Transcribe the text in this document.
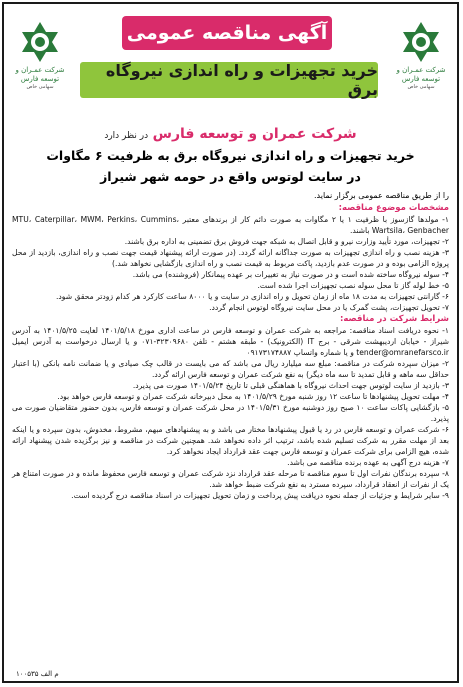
شرکت عمـران و توسعه فارس
سهامی خاص
آگهی مناقصه عمومی
خرید تجهیزات و راه اندازی نیروگاه برق
شرکت عمـران و توسعه فارس
سهامی خاص
شرکت عمران و توسعه فارس در نظر دارد
خرید تجهیزات و راه اندازی نیروگاه برق به ظرفیت ۶ مگاوات
در سایت لوتوس واقع در حومه شهر شیراز
را از طریق مناقصه عمومی برگزار نماید.
مشخصات موضوع مناقصه:
۱- مولدها گازسوز با ظرفیت ۱ یا ۲ مگاوات به صورت دائم کار از برندهای معتبر MTU، Caterpillar، MWM، Perkins، Cummins، Wartsila، Genbacher باشند.
۲- تجهیزات، مورد تأیید وزارت نیرو و قابل اتصال به شبکه جهت فروش برق تضمینی به اداره برق باشند.
۳- هزینه نصب و راه اندازی تجهیزات به صورت جداگانه ارائه گردد. (در صورت ارائه پیشنهاد قیمت جهت نصب و راه اندازی، بازدید از محل پروژه الزامی بوده و در صورت عدم بازدید، پاکت مربوط به قیمت نصب و راه اندازی بازگشایی نخواهد شد.)
۴- سوله نیروگاه ساخته شده است و در صورت نیاز به تغییرات بر عهده پیمانکار (فروشنده) می باشد.
۵- خط لوله گاز تا محل سوله نصب تجهیزات اجرا شده است.
۶- گارانتی تجهیزات به مدت ۱۸ ماه از زمان تحویل و راه اندازی در سایت و یا ۸۰۰۰ ساعت کارکرد هر کدام زودتر محقق شود.
۷- تحویل تجهیزات، پشت گمرک یا در محل سایت نیروگاه لوتوس انجام گردد.
شرایط شرکت در مناقصه:
۱- نحوه دریافت اسناد مناقصه: مراجعه به شرکت عمران و توسعه فارس در ساعت اداری مورخ ۱۴۰۱/۵/۱۸ لغایت ۱۴۰۱/۵/۲۵ به آدرس شیراز - خیابان اردیبهشت شرقی - برج IT (الکترونیک) - طبقه هشتم - تلفن ۳۲۳۰۹۶۸۰-۰۷۱ و یا ارسال درخواست به آدرس ایمیل tender@omranefarsco.ir و یا شماره واتساپ ۰۹۱۷۳۱۷۴۸۸۷
۲- میزان سپرده شرکت در مناقصه: مبلغ سه میلیارد ریال می باشد که می بایست در قالب چک صیادی و یا ضمانت نامه بانکی (با اعتبار حداقل سه ماهه و قابل تمدید تا سه ماه دیگر) به نفع شرکت عمران و توسعه فارس ارائه گردد.
۳- بازدید از سایت لوتوس جهت احداث نیروگاه با هماهنگی قبلی تا تاریخ ۱۴۰۱/۵/۲۴ صورت می پذیرد.
۴- مهلت تحویل پیشنهادها تا ساعت ۱۲ روز شنبه مورخ ۱۴۰۱/۵/۲۹ به محل دبیرخانه شرکت عمران و توسعه فارس خواهد بود.
۵- بازگشایی پاکات ساعت ۱۰ صبح روز دوشنبه مورخ ۱۴۰۱/۵/۳۱ در محل شرکت عمران و توسعه فارس، بدون حضور متقاضیان صورت می پذیرد.
۶- شرکت عمران و توسعه فارس در رد یا قبول پیشنهادها مختار می باشد و به پیشنهادهای مبهم، مشروط، مخدوش، بدون سپرده و یا اینکه بعد از مهلت مقرر به شرکت تسلیم شده باشد، ترتیب اثر داده نخواهد شد. همچنین شرکت در مناقصه و نیز برگزیده شدن پیشنهاد ارائه شده، هیچ الزامی برای شرکت عمران و توسعه فارس جهت عقد قرارداد ایجاد نخواهد کرد.
۷- هزینه درج آگهی به عهده برنده مناقصه می باشد.
۸- سپرده برندگان نفرات اول تا سوم مناقصه تا مرحله عقد قرارداد نزد شرکت عمران و توسعه فارس محفوظ مانده و در صورت امتناع هر یک از نفرات از انعقاد قرارداد، سپرده مسترد به نفع شرکت ضبط خواهد شد.
۹- سایر شرایط و جزئیات از جمله نحوه دریافت پیش پرداخت و زمان تحویل تجهیزات در اسناد مناقصه درج گردیده است.
م الف ۱۰۰۵۳۵
